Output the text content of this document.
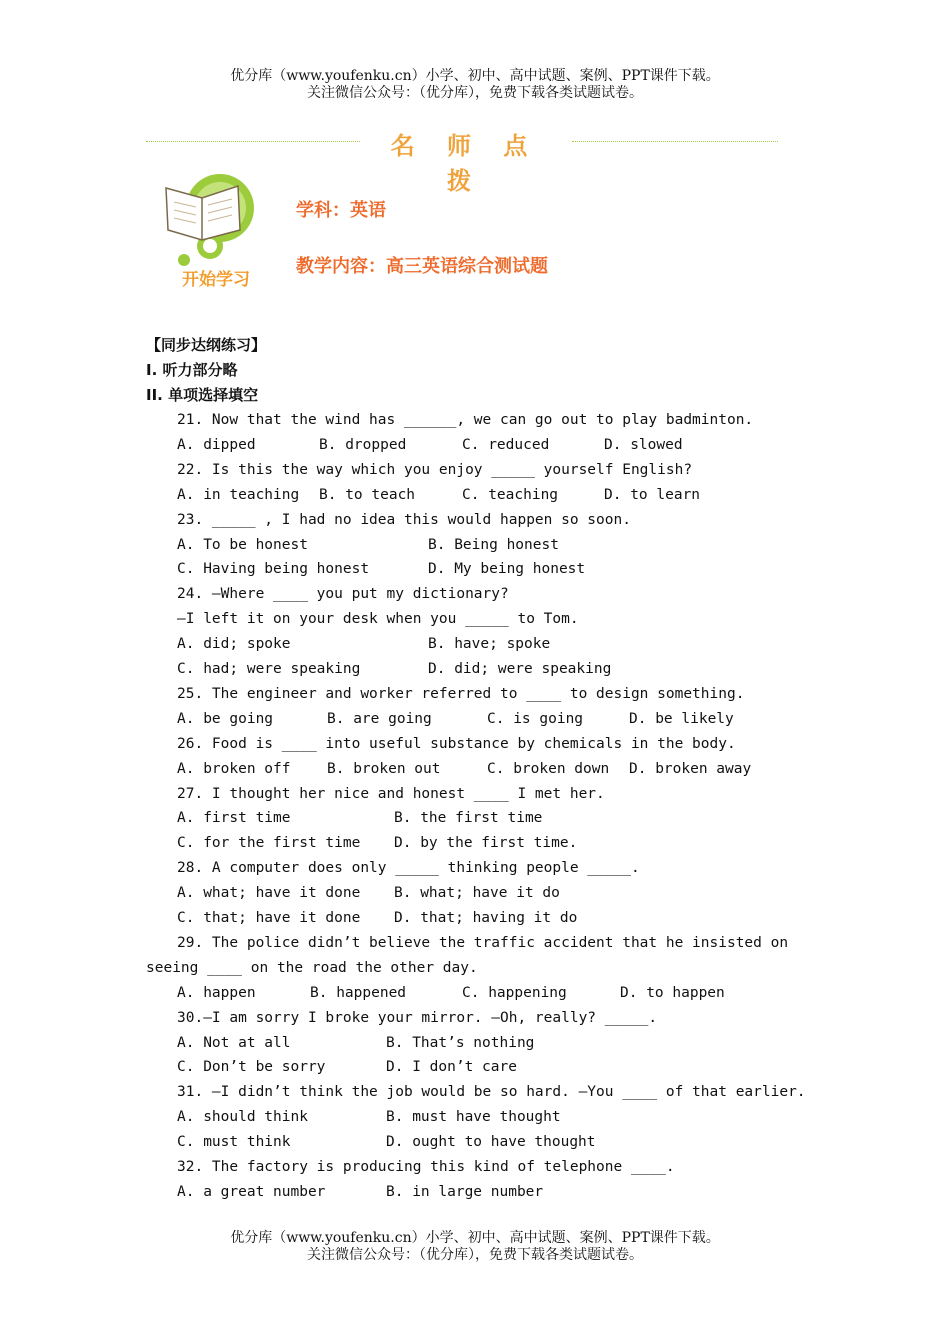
优分库（www.youfenku.cn）小学、初中、高中试题、案例、PPT课件下载。
关注微信公众号：（优分库），免费下载各类试题试卷。
名 师 点 拨
开始学习
学科：英语
教学内容：高三英语综合测试题
【同步达纲练习】
I. 听力部分略
II. 单项选择填空
21. Now that the wind has ______, we can go out to play badminton.
A. dipped	B. dropped	C. reduced	D. slowed
22. Is this the way which you enjoy _____ yourself English?
A. in teaching B. to teach	C. teaching	D. to learn
23. _____ , I had no idea this would happen so soon.
A. To be honest	B. Being honest
C. Having being honest	D. My being honest
24. —Where ____ you put my dictionary?
—I left it on your desk when you _____ to Tom.
A. did; spoke	B. have; spoke
C. had; were speaking	D. did; were speaking
25. The engineer and worker referred to ____ to design something.
A. be going	B. are going	C. is going	D. be likely
26. Food is ____ into useful substance by chemicals in the body.
A. broken off	B. broken out	C. broken down D. broken away
27. I thought her nice and honest ____ I met her.
A. first time	B. the first time
C. for the first time D. by the first time.
28. A computer does only _____ thinking people _____.
A. what; have it done B. what; have it do
C. that; have it done D. that; having it do
29. The police didn’t believe the traffic accident that he insisted on
seeing ____ on the road the other day.
A. happen	B. happened	C. happening	D. to happen
30.—I am sorry I broke your mirror. —Oh, really? _____.
A. Not at all	B. That’s nothing
C. Don’t be sorry	D. I don’t care
31. —I didn’t think the job would be so hard. —You ____ of that earlier.
A. should think	B. must have thought
C. must think	D. ought to have thought
32. The factory is producing this kind of telephone ____.
A. a great number	B. in large number
优分库（www.youfenku.cn）小学、初中、高中试题、案例、PPT课件下载。
关注微信公众号：（优分库），免费下载各类试题试卷。
